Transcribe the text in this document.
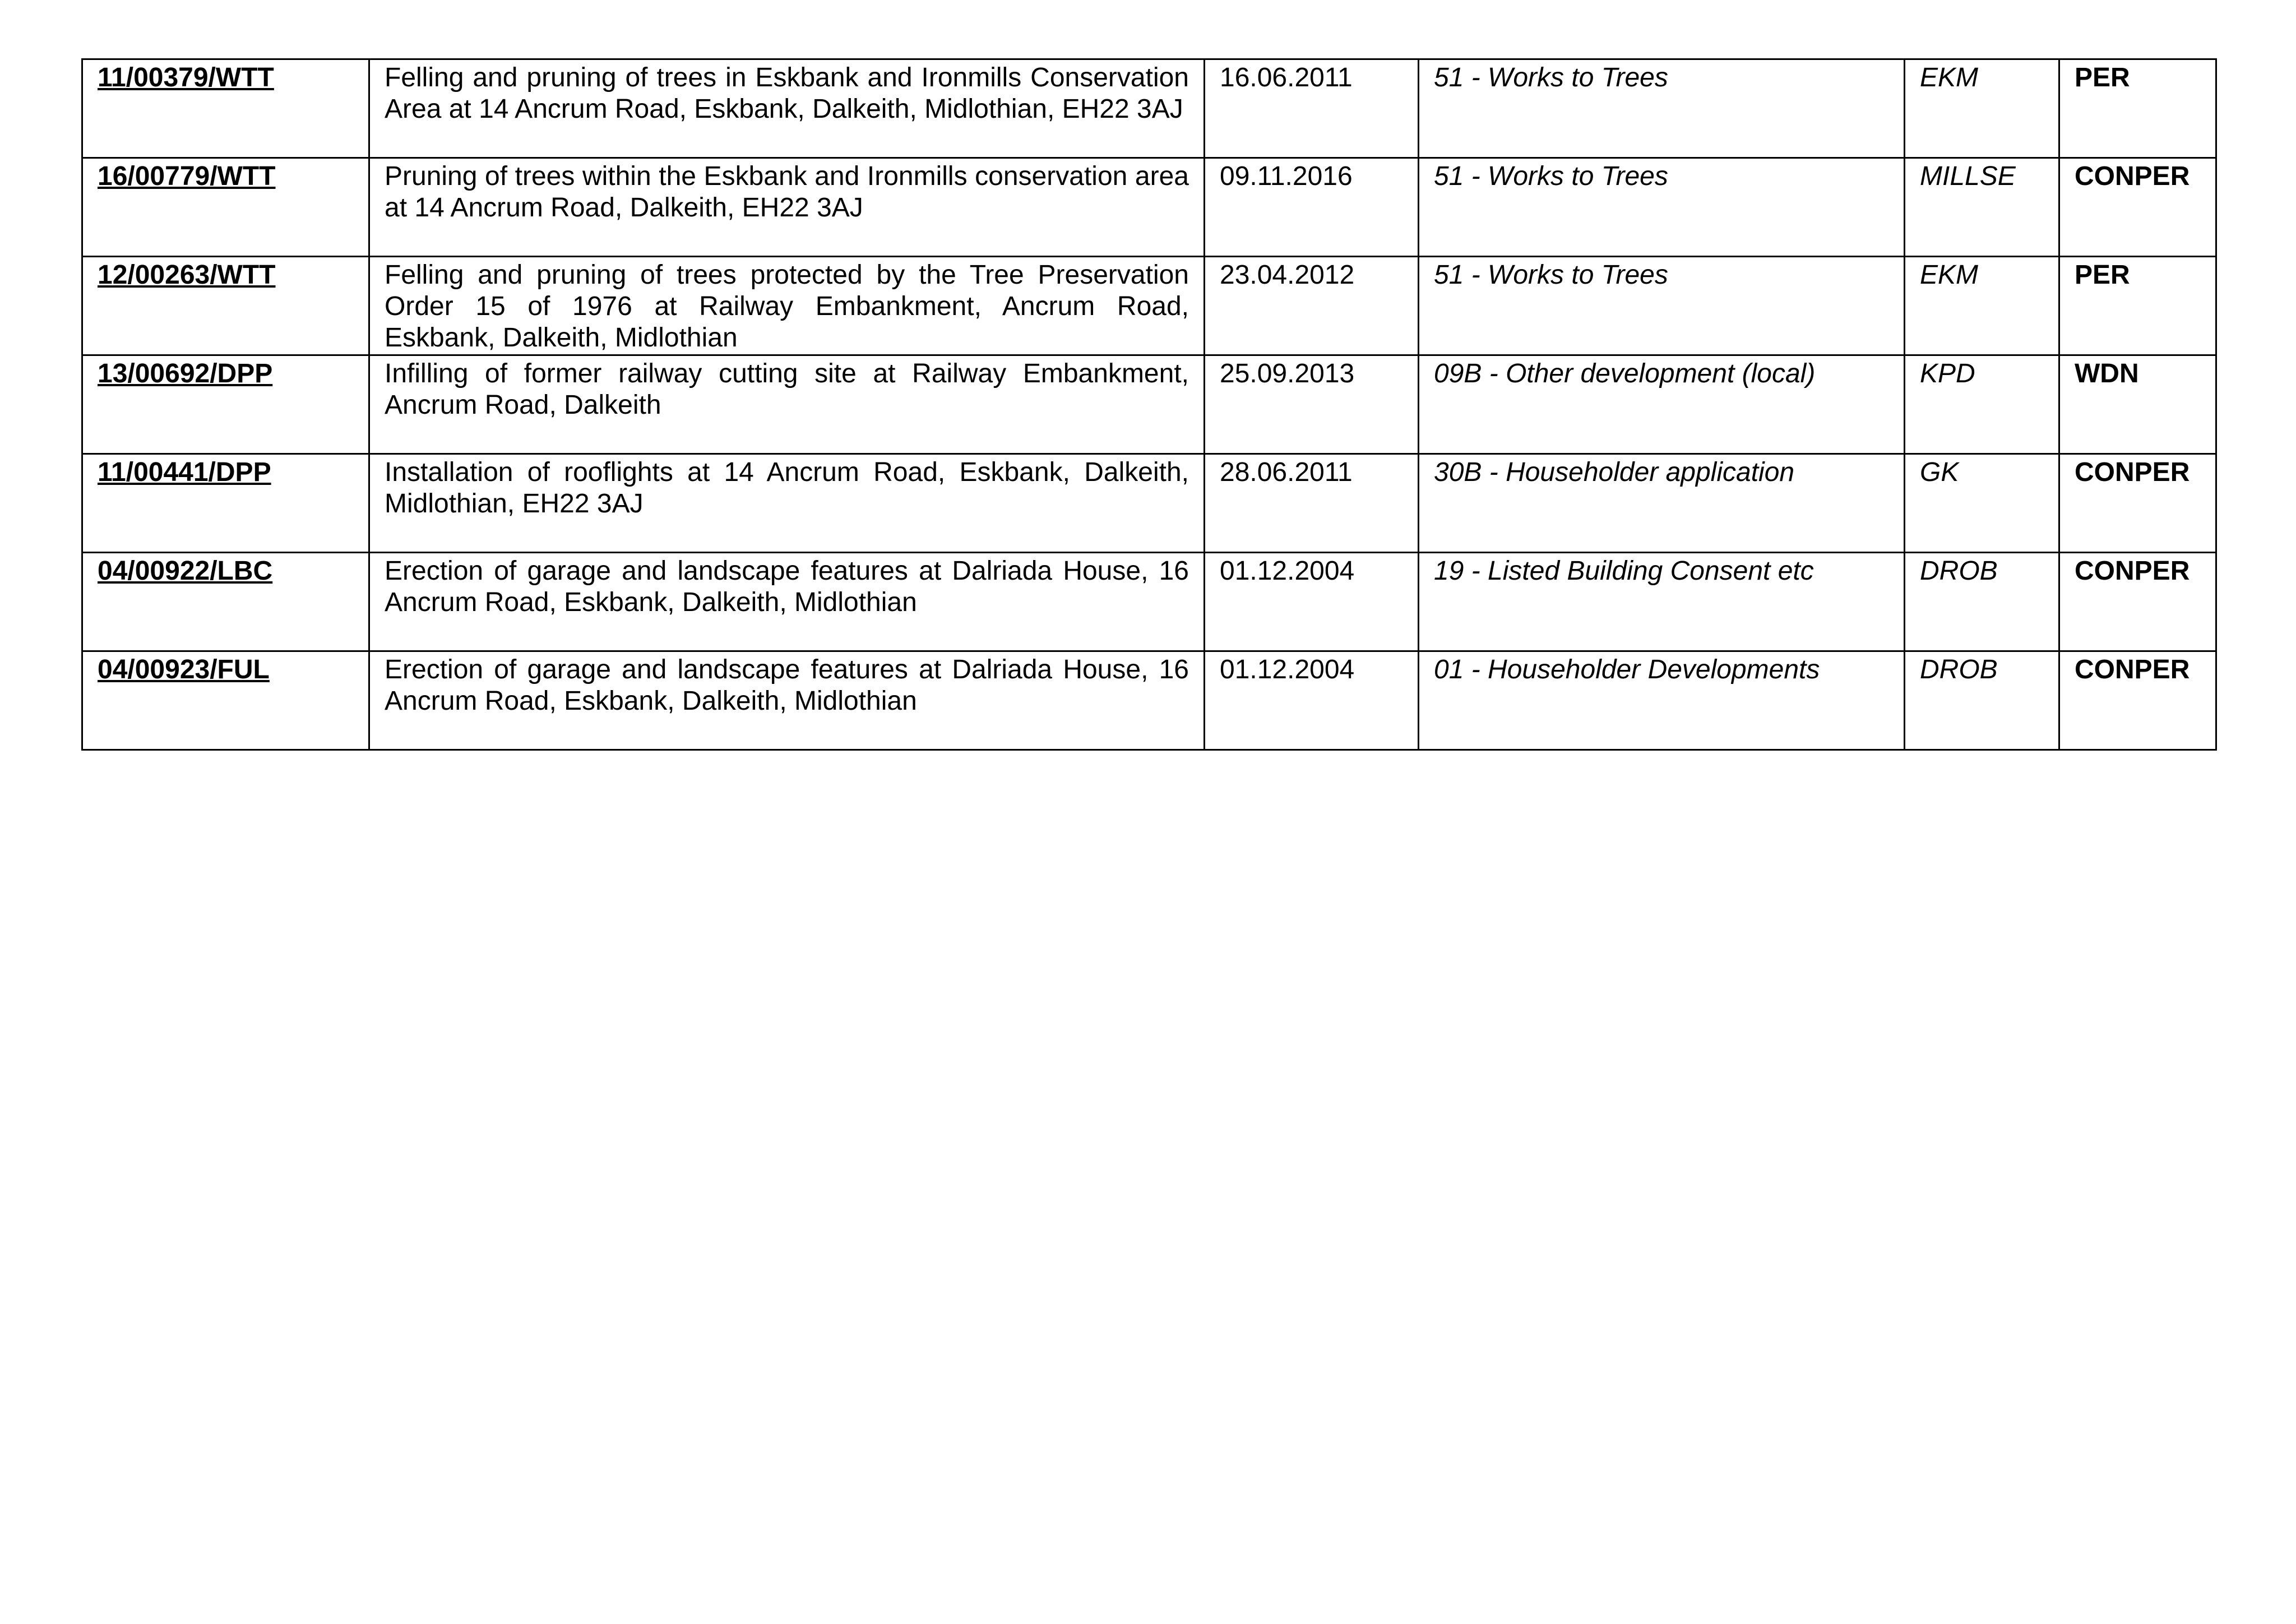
11/00379/WTT	Felling and pruning of trees in Eskbank and Ironmills Conservation Area at 14 Ancrum Road, Eskbank, Dalkeith, Midlothian, EH22 3AJ	16.06.2011	51 - Works to Trees	EKM	PER
16/00779/WTT	Pruning of trees within the Eskbank and Ironmills conservation area at 14 Ancrum Road, Dalkeith, EH22 3AJ	09.11.2016	51 - Works to Trees	MILLSE	CONPER
12/00263/WTT	Felling and pruning of trees protected by the Tree Preservation Order 15 of 1976 at Railway Embankment, Ancrum Road, Eskbank, Dalkeith, Midlothian	23.04.2012	51 - Works to Trees	EKM	PER
13/00692/DPP	Infilling of former railway cutting site at Railway Embankment, Ancrum Road, Dalkeith	25.09.2013	09B - Other development (local)	KPD	WDN
11/00441/DPP	Installation of rooflights at 14 Ancrum Road, Eskbank, Dalkeith, Midlothian, EH22 3AJ	28.06.2011	30B - Householder application	GK	CONPER
04/00922/LBC	Erection of garage and landscape features at Dalriada House, 16 Ancrum Road, Eskbank, Dalkeith, Midlothian	01.12.2004	19 - Listed Building Consent etc	DROB	CONPER
04/00923/FUL	Erection of garage and landscape features at Dalriada House, 16 Ancrum Road, Eskbank, Dalkeith, Midlothian	01.12.2004	01 - Householder Developments	DROB	CONPER
